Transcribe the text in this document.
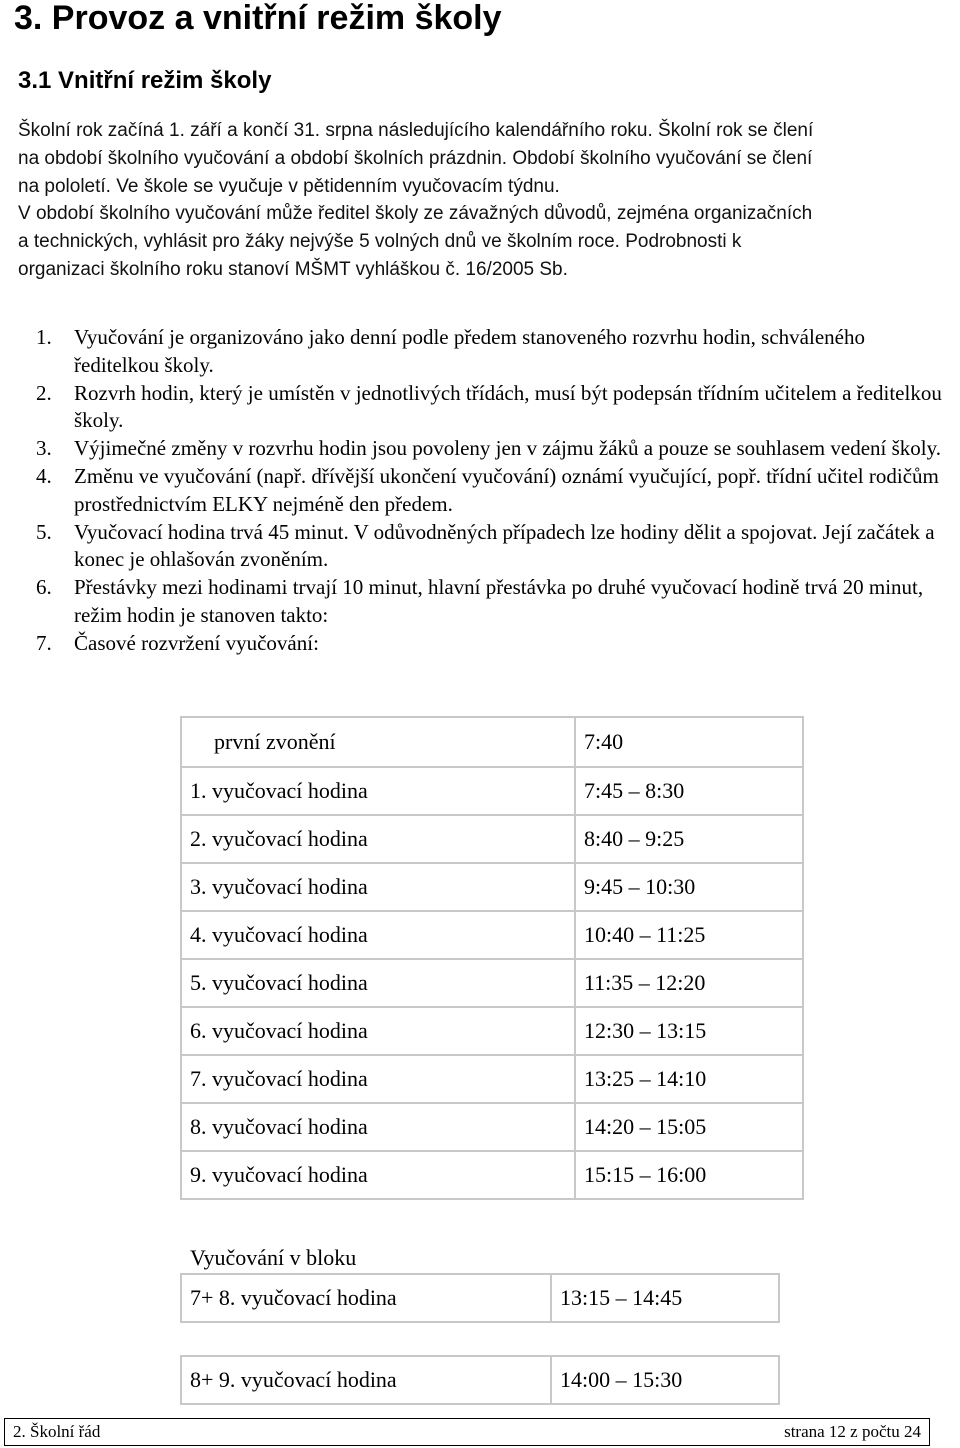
3. Provoz a vnitřní režim školy
3.1 Vnitřní režim školy
Školní rok začíná 1. září a končí 31. srpna následujícího kalendářního roku. Školní rok se člení
na období školního vyučování a období školních prázdnin. Období školního vyučování se člení
na pololetí. Ve škole se vyučuje v pětidenním vyučovacím týdnu.
V období školního vyučování může ředitel školy ze závažných důvodů, zejména organizačních
a technických, vyhlásit pro žáky nejvýše 5 volných dnů ve školním roce. Podrobnosti k
organizaci školního roku stanoví MŠMT vyhláškou č. 16/2005 Sb.
1. Vyučování je organizováno jako denní podle předem stanoveného rozvrhu hodin, schváleného ředitelkou školy.
2. Rozvrh hodin, který je umístěn v jednotlivých třídách, musí být podepsán třídním učitelem a ředitelkou školy.
3. Výjimečné změny v rozvrhu hodin jsou povoleny jen v zájmu žáků a pouze se souhlasem vedení školy.
4. Změnu ve vyučování (např. dřívější ukončení vyučování) oznámí vyučující, popř. třídní učitel rodičům prostřednictvím ELKY nejméně den předem.
5. Vyučovací hodina trvá 45 minut. V odůvodněných případech lze hodiny dělit a spojovat. Její začátek a konec je ohlašován zvoněním.
6. Přestávky mezi hodinami trvají 10 minut, hlavní přestávka po druhé vyučovací hodině trvá 20 minut, režim hodin je stanoven takto:
7. Časové rozvržení vyučování:
první zvonění	7:40
1. vyučovací hodina	7:45 – 8:30
2. vyučovací hodina	8:40 – 9:25
3. vyučovací hodina	9:45 – 10:30
4. vyučovací hodina	10:40 – 11:25
5. vyučovací hodina	11:35 – 12:20
6. vyučovací hodina	12:30 – 13:15
7. vyučovací hodina	13:25 – 14:10
8. vyučovací hodina	14:20 – 15:05
9. vyučovací hodina	15:15 – 16:00
Vyučování v bloku
7+ 8. vyučovací hodina	13:15 – 14:45
8+ 9. vyučovací hodina	14:00 – 15:30
2. Školní řád	strana 12 z počtu 24
